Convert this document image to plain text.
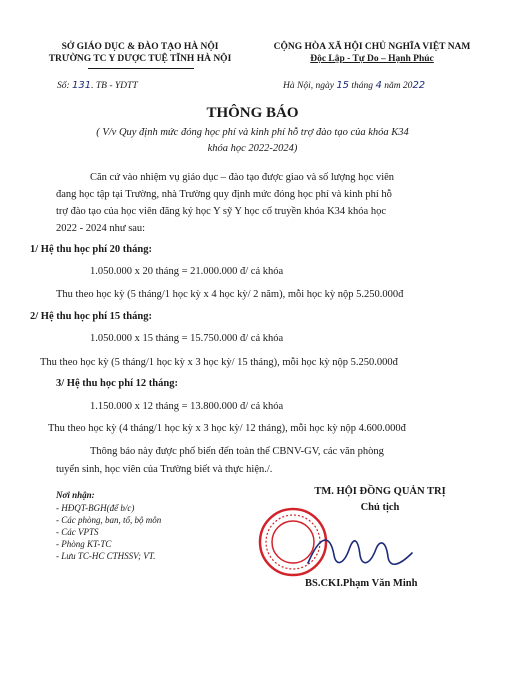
SỞ GIÁO DỤC & ĐÀO TẠO HÀ NỘI
TRƯỜNG TC Y DƯỢC TUỆ TĨNH HÀ NỘI
CỘNG HÒA XÃ HỘI CHỦ NGHĨA VIỆT NAM
Độc Lập - Tự Do – Hạnh Phúc
Số: 131. TB - YDTT	Hà Nội, ngày 15 tháng 4 năm 2022
THÔNG BÁO
( V/v Quy định mức đóng học phí và kinh phí hỗ trợ đào tạo của khóa K34
khóa học 2022-2024)
Căn cứ vào nhiệm vụ giáo dục – đào tạo được giao và số lượng học viên
đang học tập tại Trường, nhà Trường quy định mức đóng học phí và kinh phí hỗ
trợ đào tạo của học viên đăng ký học Y sỹ Y học cổ truyền khóa K34 khóa học
2022 - 2024 như sau:
1/ Hệ thu học phí 20 tháng:
1.050.000 x 20 tháng = 21.000.000 đ/ cả khóa
Thu theo học kỳ (5 tháng/1 học kỳ x 4 học kỳ/ 2 năm), mỗi học kỳ nộp 5.250.000đ
2/ Hệ thu học phí 15 tháng:
1.050.000 x 15 tháng = 15.750.000 đ/ cả khóa
Thu theo học kỳ (5 tháng/1 học kỳ x 3 học kỳ/ 15 tháng), mỗi học kỳ nộp 5.250.000đ
3/ Hệ thu học phí 12 tháng:
1.150.000 x 12 tháng = 13.800.000 đ/ cả khóa
Thu theo học kỳ (4 tháng/1 học kỳ x 3 học kỳ/ 12 tháng), mỗi học kỳ nộp 4.600.000đ
Thông báo này được phổ biến đến toàn thể CBNV-GV, các văn phòng
tuyển sinh, học viên của Trường biết và thực hiện./.
Nơi nhận:
- HĐQT-BGH(để b/c)
- Các phòng, ban, tổ, bộ môn
- Các VPTS
- Phòng KT-TC
- Lưu TC-HC CTHSSV; VT.
TM. HỘI ĐỒNG QUẢN TRỊ
Chủ tịch
BS.CKI.Phạm Văn Minh
